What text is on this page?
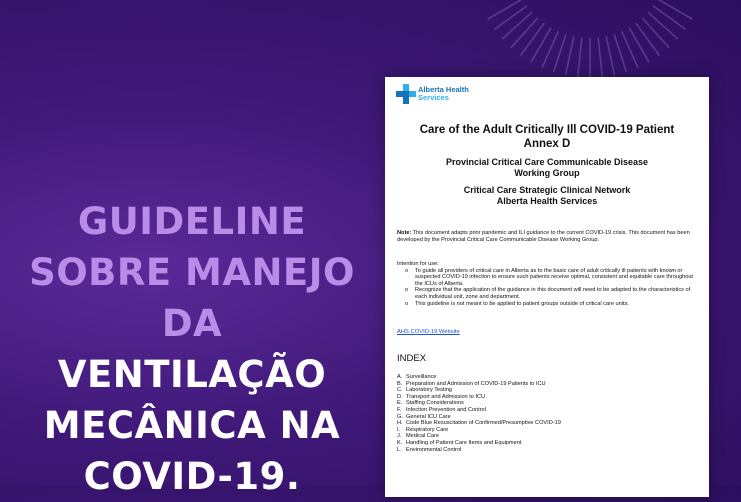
GUIDELINE
SOBRE MANEJO
DA VENTILAÇÃO
MECÂNICA NA
COVID-19.
Alberta Health
Services
Care of the Adult Critically Ill COVID-19 Patient
Annex D
Provincial Critical Care Communicable Disease
Working Group
Critical Care Strategic Clinical Network
Alberta Health Services
Note: This document adapts prior pandemic and ILI guidance to the current COVID-19 crisis. This document has been developed by the Provincial Critical Care Communicable Disease Working Group.
Intention for use:
o	To guide all providers of critical care in Alberta as to the basic care of adult critically ill patients with known or suspected COVID-19 infection to ensure such patients receive optimal, consistent and equitable care throughout the ICUs of Alberta.
o	Recognize that the application of the guidance in this document will need to be adapted to the characteristics of each individual unit, zone and department.
o	This guideline is not meant to be applied to patient groups outside of critical care units.
AHS COVID-19 Website
INDEX
A. Surveillance
B. Preparation and Admission of COVID-19 Patients to ICU
C. Laboratory Testing
D. Transport and Admission to ICU
E. Staffing Considerations
F. Infection Prevention and Control
G. General ICU Care
H. Code Blue Resuscitation of Confirmed/Presumptive COVID-19
I.	Respiratory Care
J. Medical Care
K. Handling of Patient Care Items and Equipment
L. Environmental Control
